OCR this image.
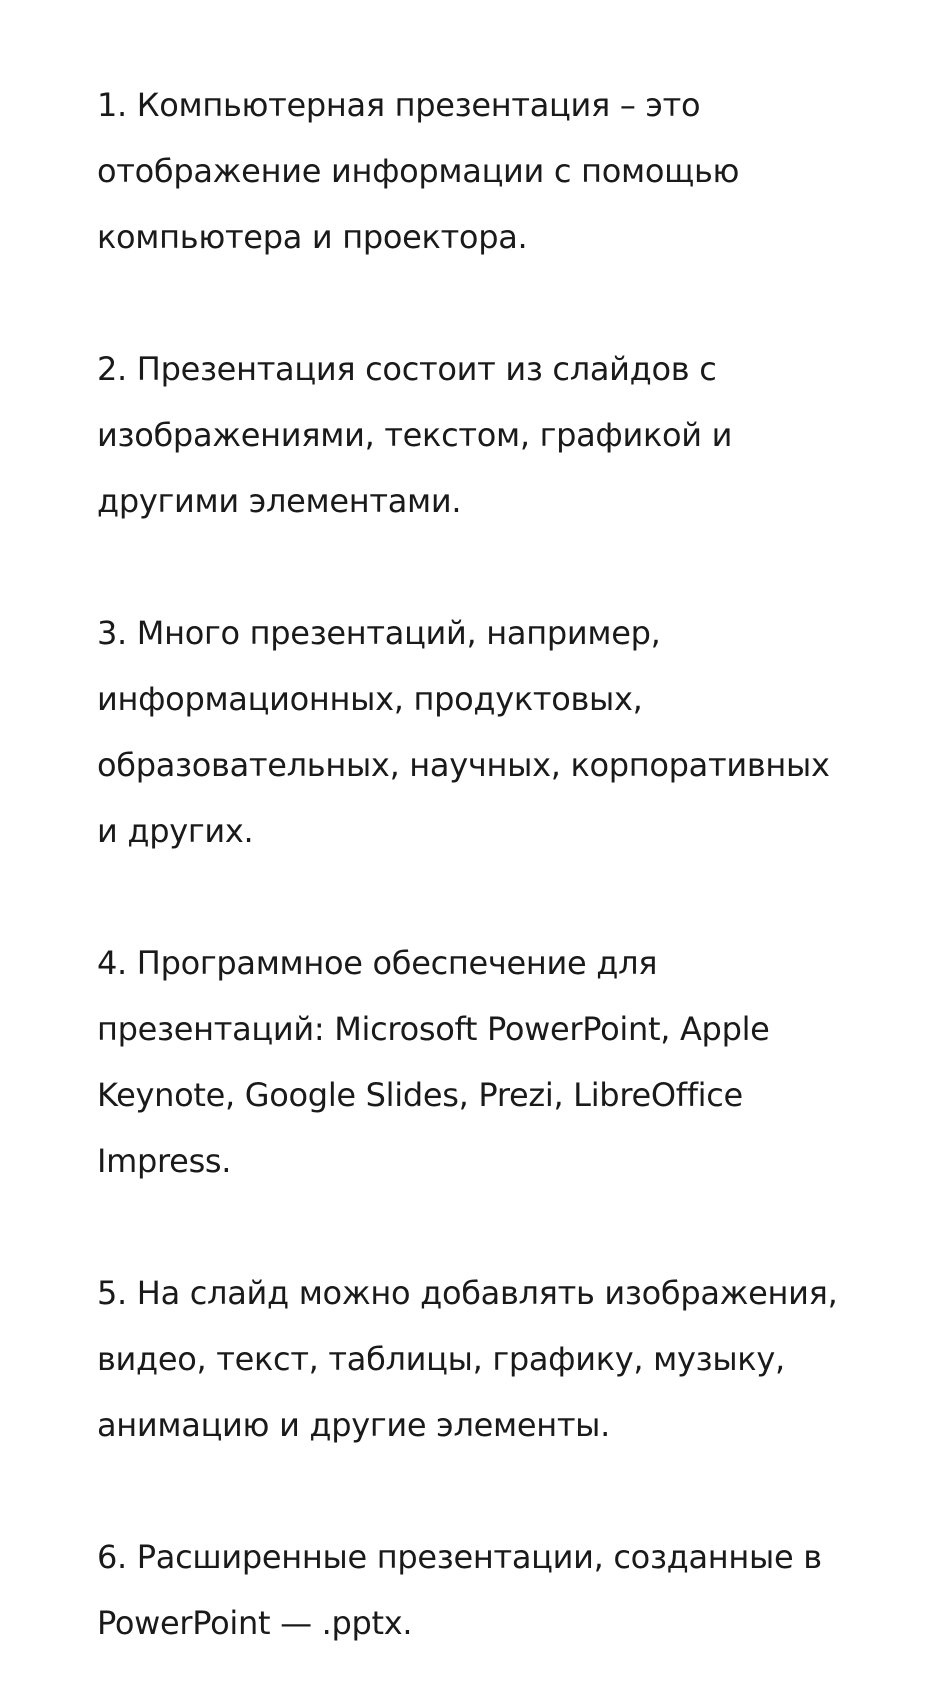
1. Компьютерная презентация – это
отображение информации с помощью
компьютера и проектора.
2. Презентация состоит из слайдов с
изображениями, текстом, графикой и
другими элементами.
3. Много презентаций, например,
информационных, продуктовых,
образовательных, научных, корпоративных
и других.
4. Программное обеспечение для
презентаций: Microsoft PowerPoint, Apple
Keynote, Google Slides, Prezi, LibreOffice
Impress.
5. На слайд можно добавлять изображения,
видео, текст, таблицы, графику, музыку,
анимацию и другие элементы.
6. Расширенные презентации, созданные в
PowerPoint — .pptx.
